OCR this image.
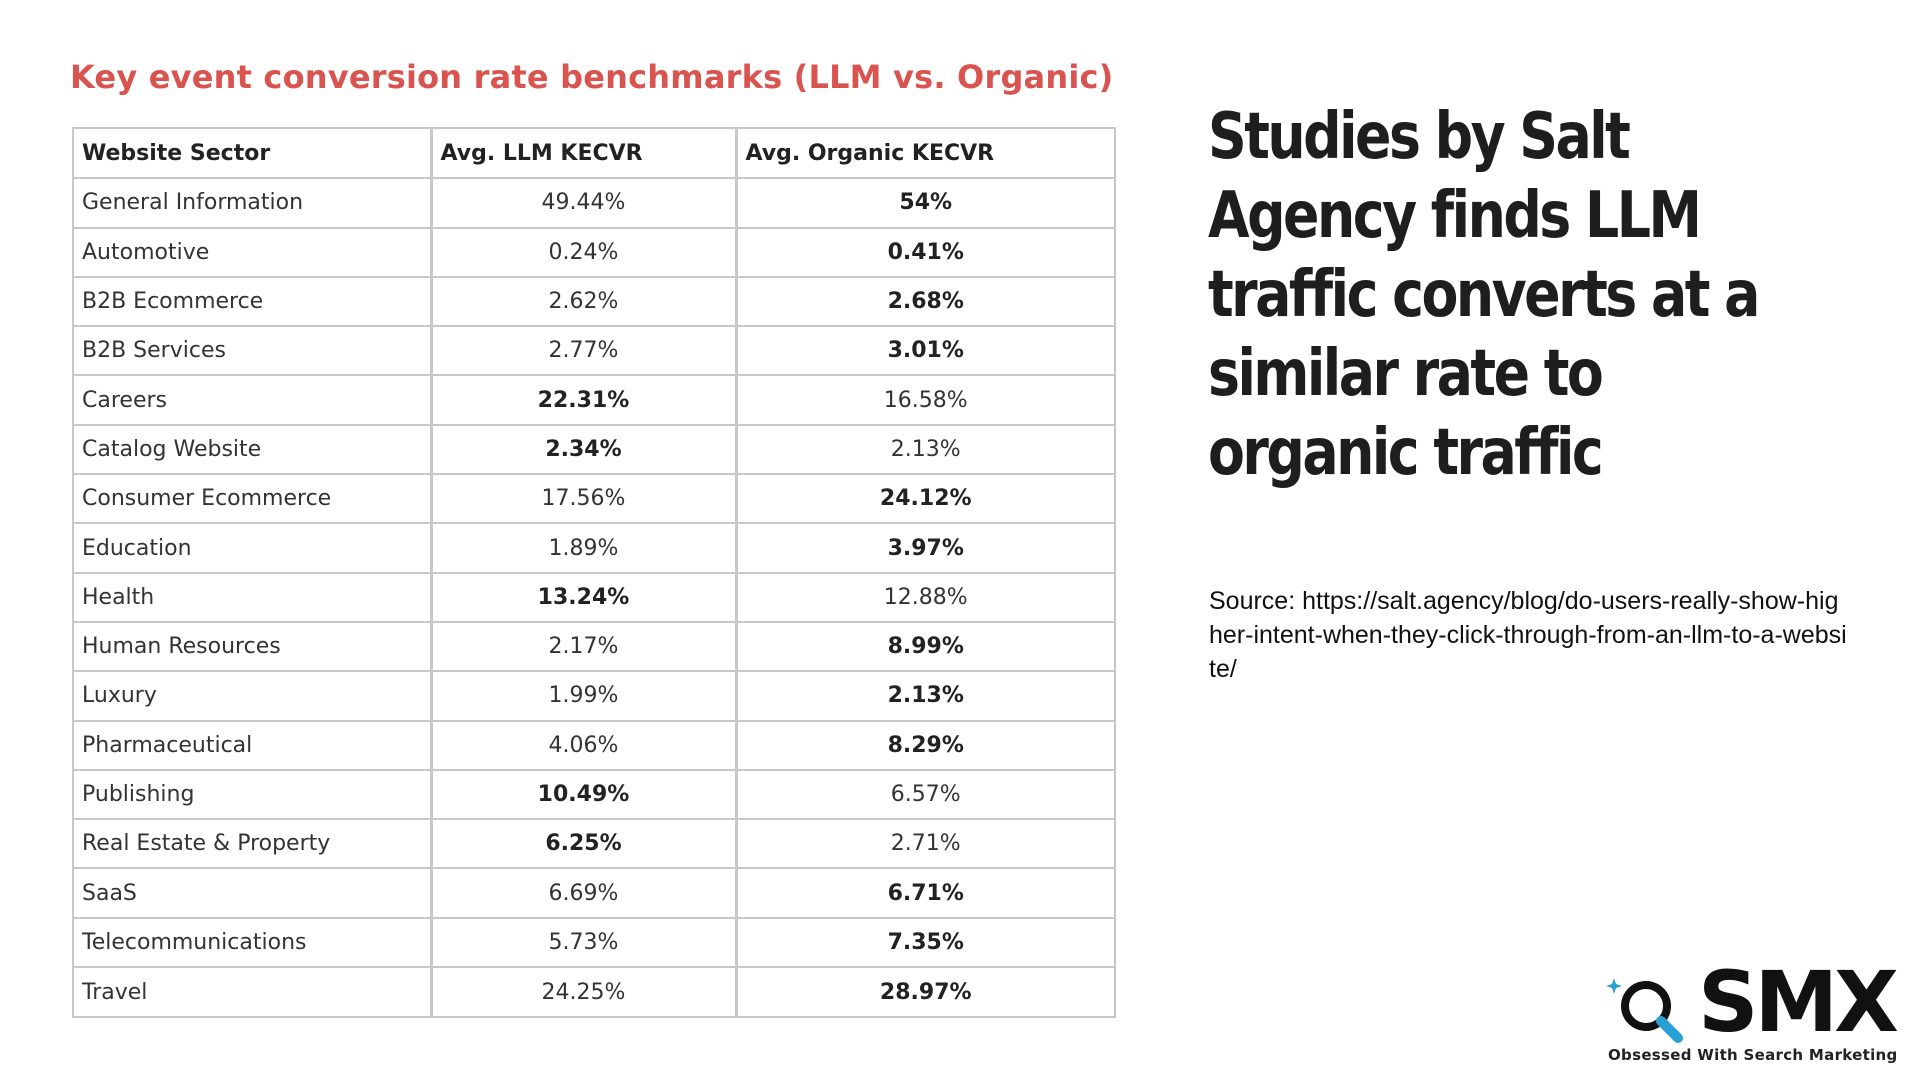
Key event conversion rate benchmarks (LLM vs. Organic)
Website Sector	Avg. LLM KECVR	Avg. Organic KECVR
General Information	49.44%	54%
Automotive	0.24%	0.41%
B2B Ecommerce	2.62%	2.68%
B2B Services	2.77%	3.01%
Careers	22.31%	16.58%
Catalog Website	2.34%	2.13%
Consumer Ecommerce	17.56%	24.12%
Education	1.89%	3.97%
Health	13.24%	12.88%
Human Resources	2.17%	8.99%
Luxury	1.99%	2.13%
Pharmaceutical	4.06%	8.29%
Publishing	10.49%	6.57%
Real Estate & Property	6.25%	2.71%
SaaS	6.69%	6.71%
Telecommunications	5.73%	7.35%
Travel	24.25%	28.97%
Studies by Salt Agency finds LLM traffic converts at a similar rate to organic traffic
Source: https://salt.agency/blog/do-users-really-show-higher-intent-when-they-click-through-from-an-llm-to-a-website/
SMX
Obsessed With Search Marketing
